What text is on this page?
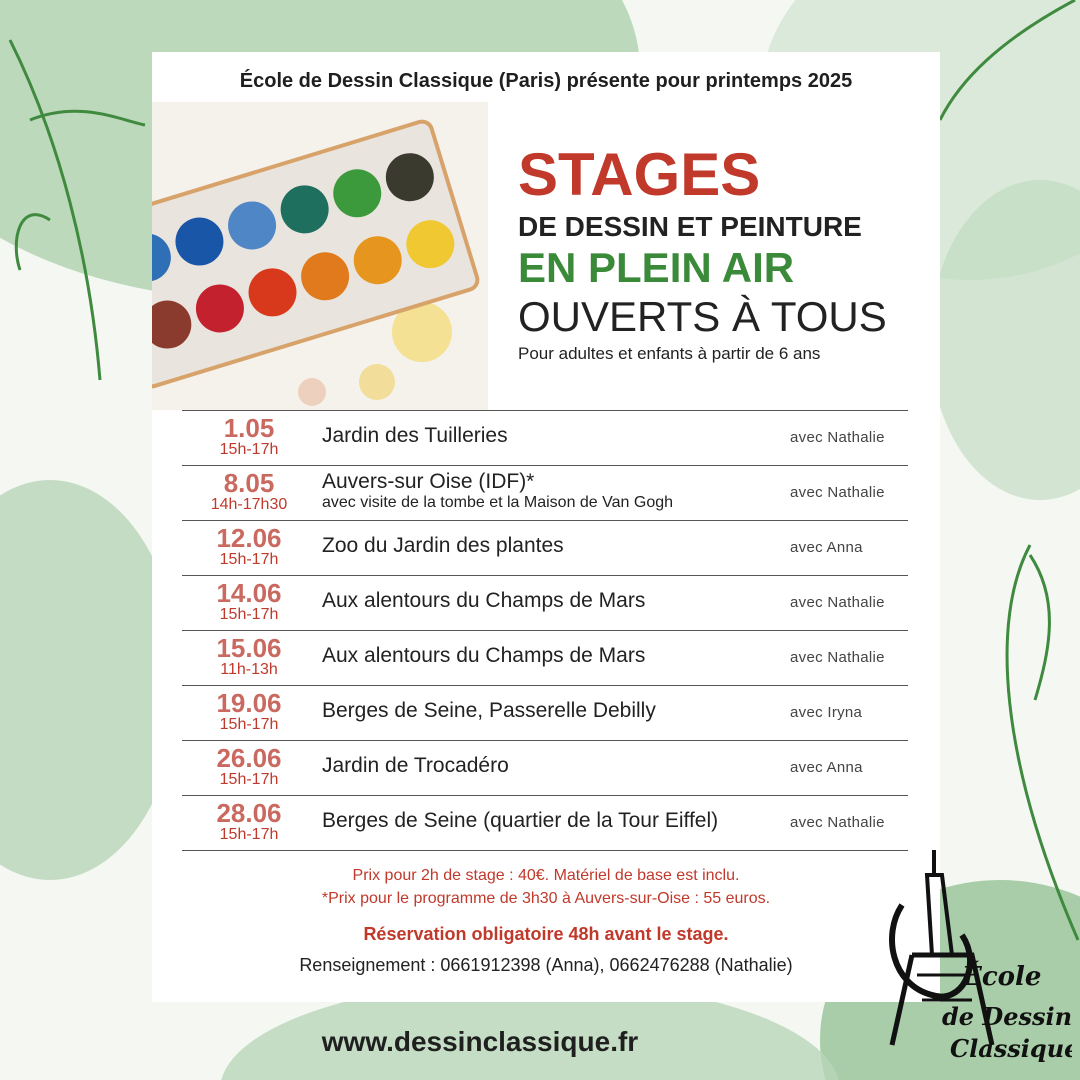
École de Dessin Classique (Paris) présente pour printemps 2025
STAGES
DE DESSIN ET PEINTURE
EN PLEIN AIR
OUVERTS À TOUS
Pour adultes et enfants à partir de 6 ans
1.05
15h-17h
Jardin des Tuilleries	avec Nathalie
8.05
14h-17h30
Auvers-sur Oise (IDF)*
avec visite de la tombe et la Maison de Van Gogh
avec Nathalie
12.06
15h-17h
Zoo du Jardin des plantes	avec Anna
14.06
15h-17h
Aux alentours du Champs de Mars	avec Nathalie
15.06
11h-13h
Aux alentours du Champs de Mars	avec Nathalie
19.06
15h-17h
Berges de Seine, Passerelle Debilly	avec Iryna
26.06
15h-17h
Jardin de Trocadéro	avec Anna
28.06
15h-17h
Berges de Seine (quartier de la Tour Eiffel)	avec Nathalie
Prix pour 2h de stage : 40€. Matériel de base est inclu.
*Prix pour le programme de 3h30 à Auvers-sur-Oise : 55 euros.
Réservation obligatoire 48h avant le stage.
Renseignement : 0661912398 (Anna), 0662476288 (Nathalie)
www.dessinclassique.fr
École
de Dessin
Classique
